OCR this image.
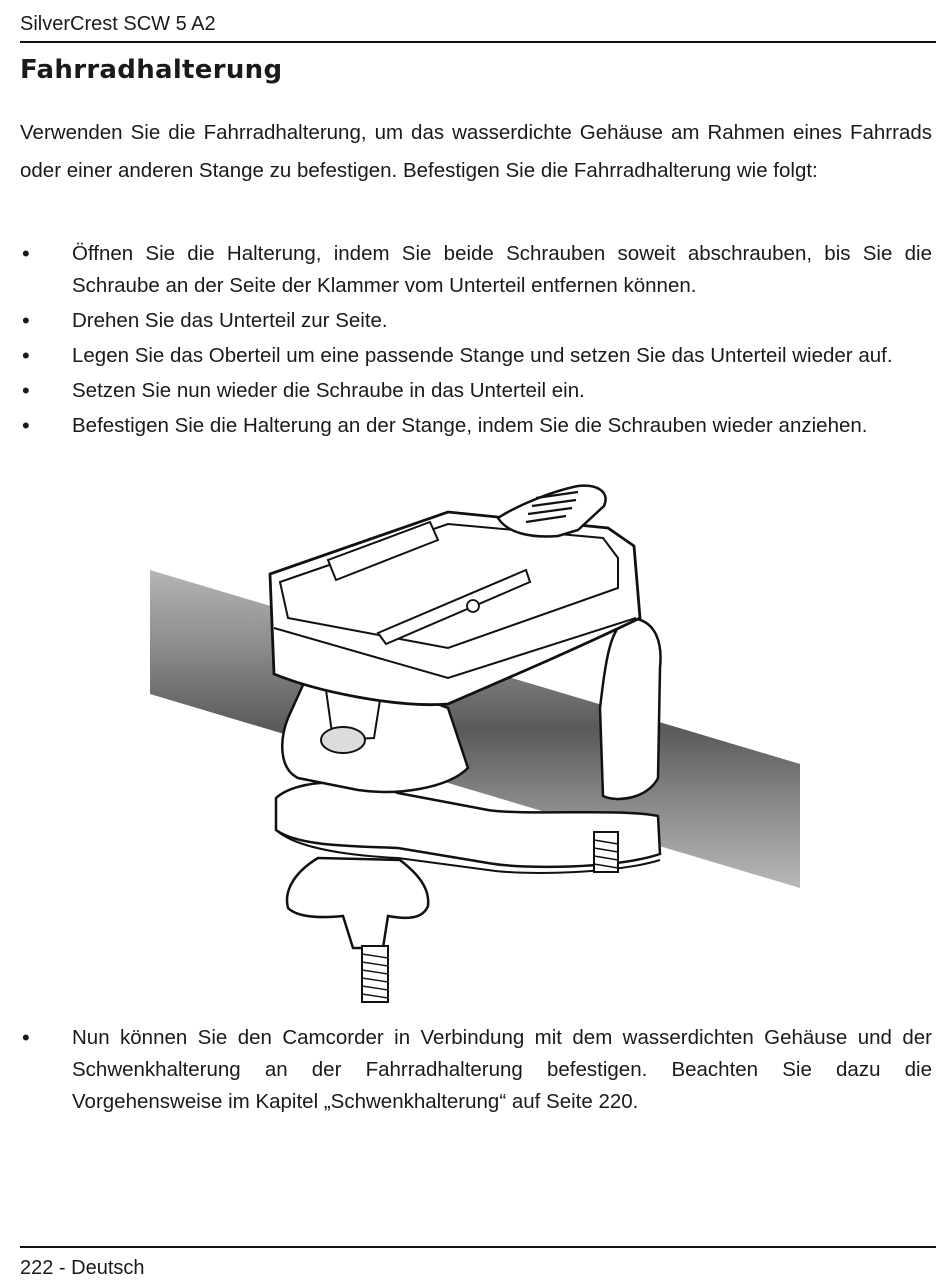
SilverCrest SCW 5 A2
Fahrradhalterung

Verwenden Sie die Fahrradhalterung, um das wasserdichte Gehäuse am Rahmen eines Fahrrads oder einer anderen Stange zu befestigen. Befestigen Sie die Fahrradhalterung wie folgt:

• Öffnen Sie die Halterung, indem Sie beide Schrauben soweit abschrauben, bis Sie die Schraube an der Seite der Klammer vom Unterteil entfernen können.
• Drehen Sie das Unterteil zur Seite.
• Legen Sie das Oberteil um eine passende Stange und setzen Sie das Unterteil wieder auf.
• Setzen Sie nun wieder die Schraube in das Unterteil ein.
• Befestigen Sie die Halterung an der Stange, indem Sie die Schrauben wieder anziehen.
• Nun können Sie den Camcorder in Verbindung mit dem wasserdichten Gehäuse und der Schwenkhalterung an der Fahrradhalterung befestigen. Beachten Sie dazu die Vorgehensweise im Kapitel „Schwenkhalterung“ auf Seite 220.
222 - Deutsch
